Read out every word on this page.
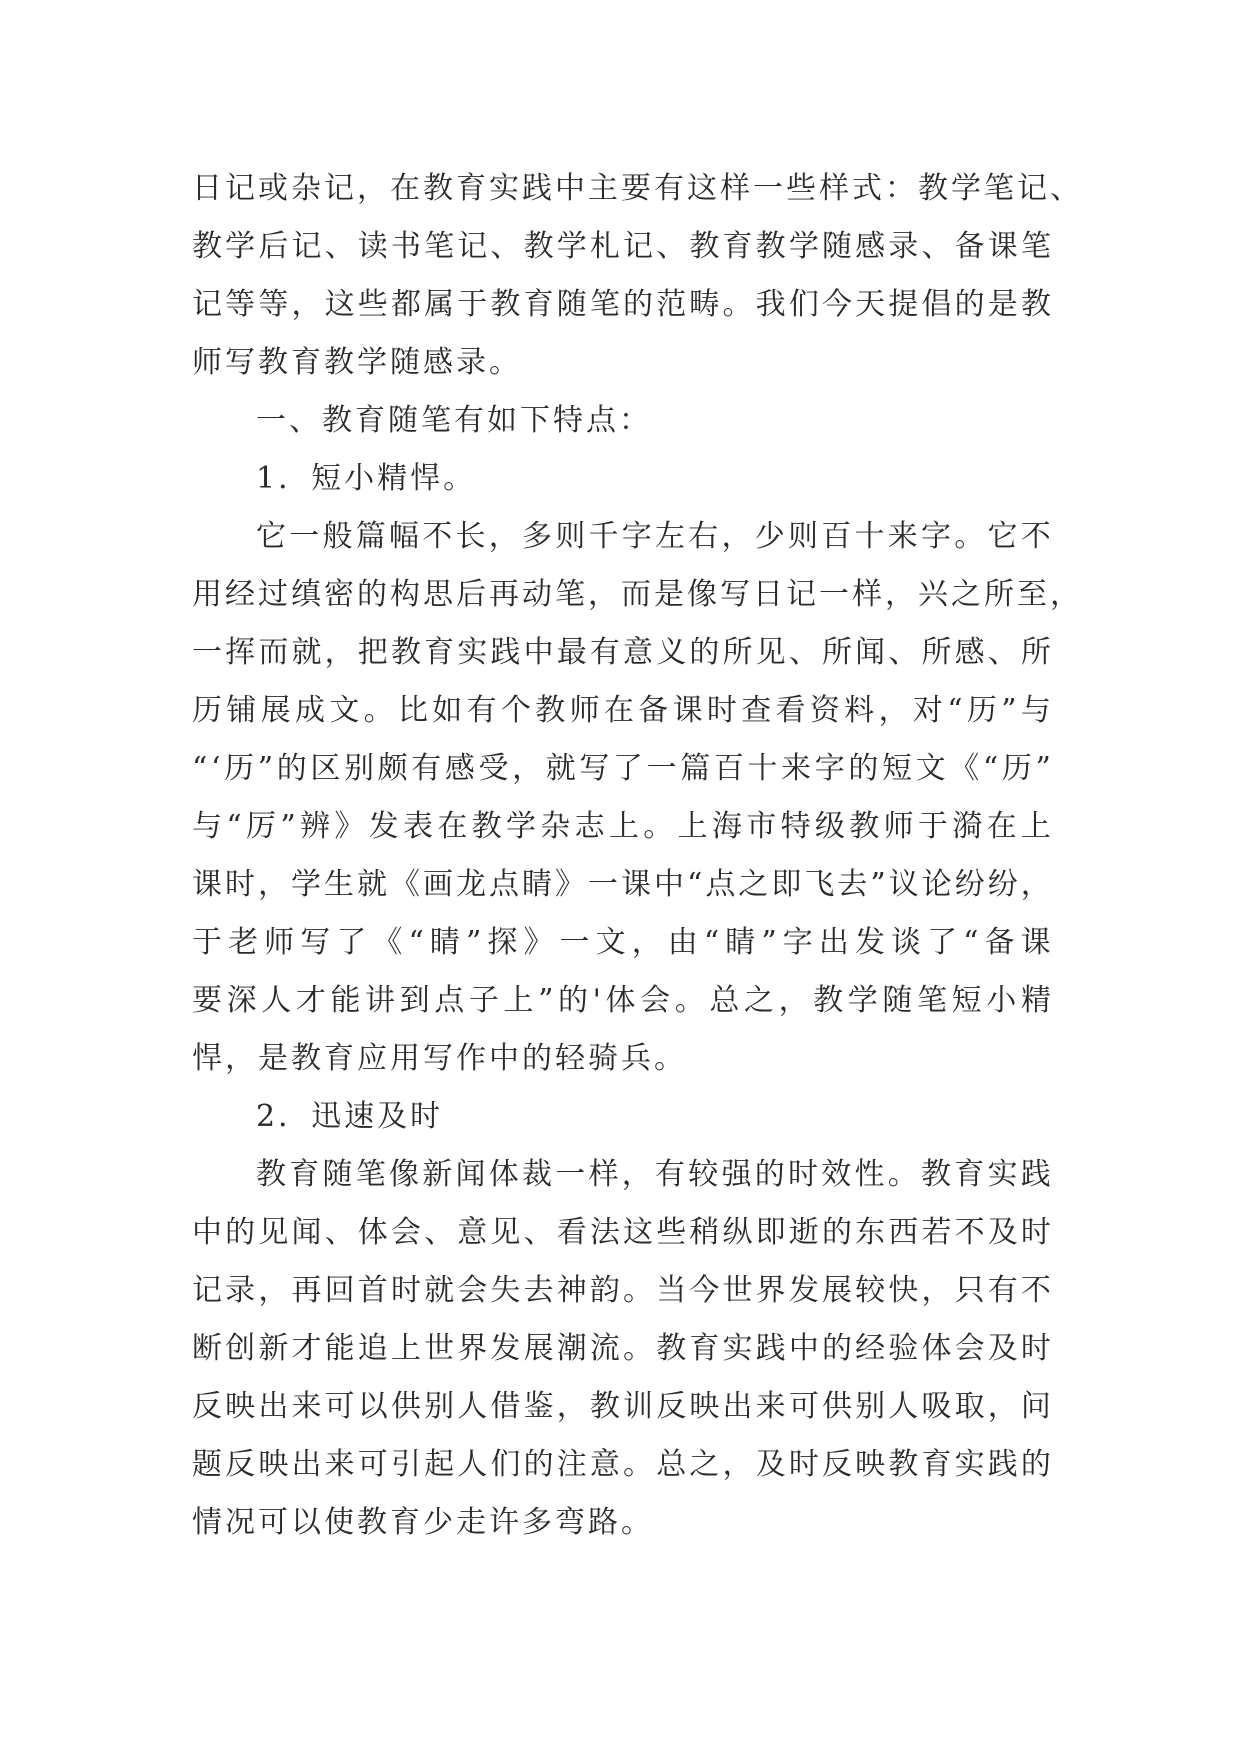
日 记 或 杂 记 ， 在 教 育 实 践 中 主 要 有 这 样 一 些 样 式 ： 教 学 笔 记 、
教 学 后 记 、 读 书 笔 记 、 教 学 札 记 、 教 育 教 学 随 感 录 、 备 课 笔
记 等 等 ， 这 些 都 属 于 教 育 随 笔 的 范 畴 。 我 们 今 天 提 倡 的 是 教
师写教育教学随感录。
一、教育随笔有如下特点：
1．短小精悍。
它 一 般 篇 幅 不 长 ， 多 则 千 字 左 右 ， 少 则 百 十 来 字 。 它 不
用 经 过 缜 密 的 构 思 后 再 动 笔 ， 而 是 像 写 日 记 一 样 ， 兴 之 所 至 ，
一 挥 而 就 ， 把 教 育 实 践 中 最 有 意 义 的 所 见 、 所 闻 、 所 感 、 所
历 铺 展 成 文 。 比 如 有 个 教 师 在 备 课 时 查 看 资 料 ， 对 “ 历 ” 与
“ ‘ 历 ” 的 区 别 颇 有 感 受 ， 就 写 了 一 篇 百 十 来 字 的 短 文 《 “ 历 ”
与 “ 厉 ” 辨 》 发 表 在 教 学 杂 志 上 。 上 海 市 特 级 教 师 于 漪 在 上
课 时 ， 学 生 就 《 画 龙 点 睛 》 一 课 中 “ 点 之 即 飞 去 ” 议 论 纷 纷 ，
于 老 师 写 了 《 “ 睛 ” 探 》 一 文 ， 由 “ 睛 ” 字 出 发 谈 了 “ 备 课
要 深 人 才 能 讲 到 点 子 上 ” 的 ' 体 会 。 总 之 ， 教 学 随 笔 短 小 精
悍，是教育应用写作中的轻骑兵。
2．迅速及时
教 育 随 笔 像 新 闻 体 裁 一 样 ， 有 较 强 的 时 效 性 。 教 育 实 践
中 的 见 闻 、 体 会 、 意 见 、 看 法 这 些 稍 纵 即 逝 的 东 西 若 不 及 时
记 录 ， 再 回 首 时 就 会 失 去 神 韵 。 当 今 世 界 发 展 较 快 ， 只 有 不
断 创 新 才 能 追 上 世 界 发 展 潮 流 。 教 育 实 践 中 的 经 验 体 会 及 时
反 映 出 来 可 以 供 别 人 借 鉴 ， 教 训 反 映 出 来 可 供 别 人 吸 取 ， 问
题 反 映 出 来 可 引 起 人 们 的 注 意 。 总 之 ， 及 时 反 映 教 育 实 践 的
情况可以使教育少走许多弯路。
